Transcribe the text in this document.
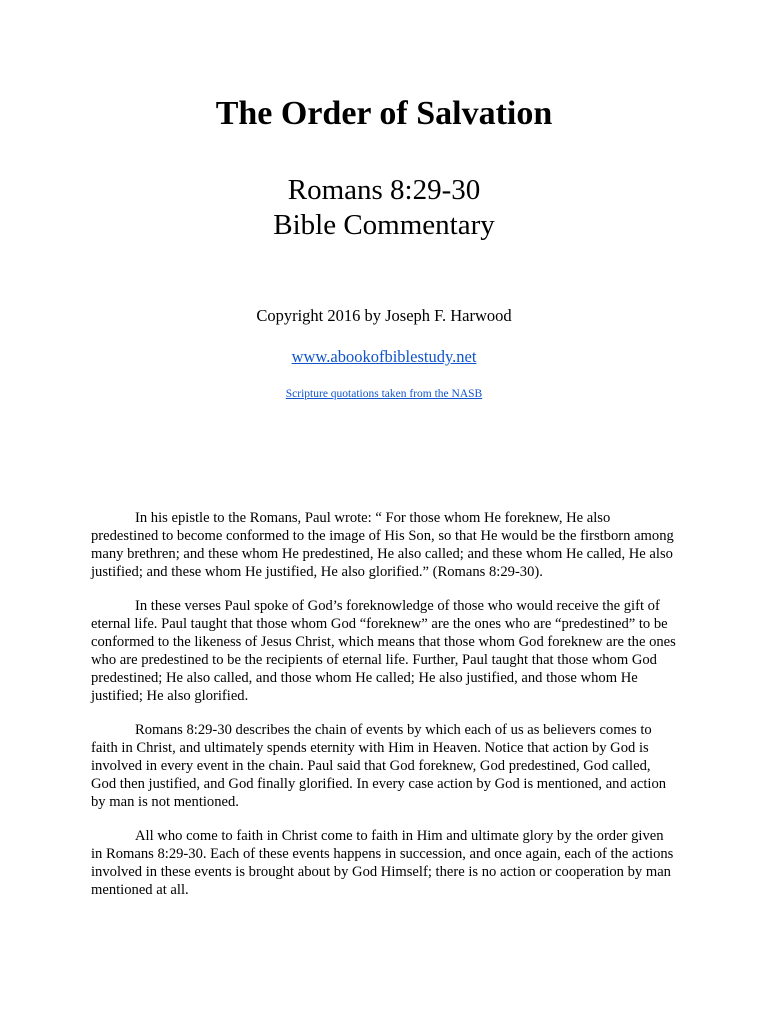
The Order of Salvation
Romans 8:29-30
Bible Commentary
Copyright 2016 by Joseph F. Harwood
www.abookofbiblestudy.net
Scripture quotations taken from the NASB

In his epistle to the Romans, Paul wrote: “ For those whom He foreknew, He also predestined to become conformed to the image of His Son, so that He would be the firstborn among many brethren; and these whom He predestined, He also called; and these whom He called, He also justified; and these whom He justified, He also glorified.” (Romans 8:29-30).

In these verses Paul spoke of God’s foreknowledge of those who would receive the gift of eternal life. Paul taught that those whom God “foreknew” are the ones who are “predestined” to be conformed to the likeness of Jesus Christ, which means that those whom God foreknew are the ones who are predestined to be the recipients of eternal life. Further, Paul taught that those whom God predestined; He also called, and those whom He called; He also justified, and those whom He justified; He also glorified.

Romans 8:29-30 describes the chain of events by which each of us as believers comes to faith in Christ, and ultimately spends eternity with Him in Heaven. Notice that action by God is involved in every event in the chain. Paul said that God foreknew, God predestined, God called, God then justified, and God finally glorified. In every case action by God is mentioned, and action by man is not mentioned.

All who come to faith in Christ come to faith in Him and ultimate glory by the order given in Romans 8:29-30. Each of these events happens in succession, and once again, each of the actions involved in these events is brought about by God Himself; there is no action or cooperation by man mentioned at all.
